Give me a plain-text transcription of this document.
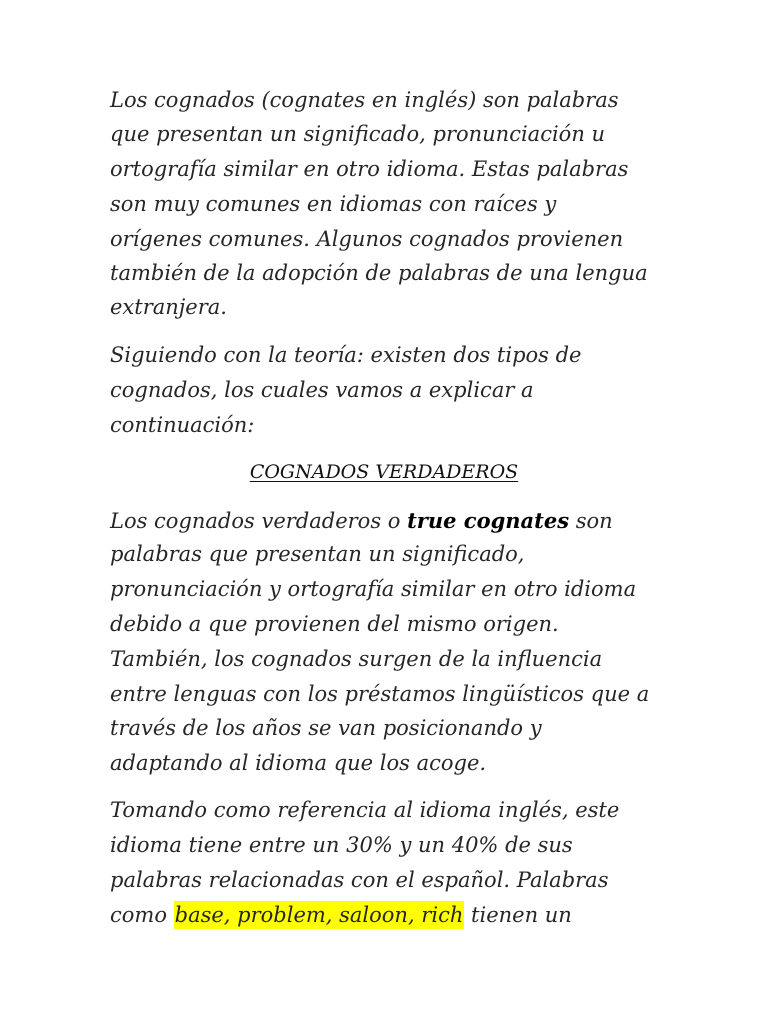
Los cognados (cognates en inglés) son palabras

que presentan un significado, pronunciación u

ortografía similar en otro idioma. Estas palabras

son muy comunes en idiomas con raíces y

orígenes comunes. Algunos cognados provienen

también de la adopción de palabras de una lengua

extranjera.

Siguiendo con la teoría: existen dos tipos de

cognados, los cuales vamos a explicar a

continuación:

COGNADOS VERDADEROS

Los cognados verdaderos o true cognates son

palabras que presentan un significado,

pronunciación y ortografía similar en otro idioma

debido a que provienen del mismo origen.

También, los cognados surgen de la influencia

entre lenguas con los préstamos lingüísticos que a

través de los años se van posicionando y

adaptando al idioma que los acoge.

Tomando como referencia al idioma inglés, este

idioma tiene entre un 30% y un 40% de sus

palabras relacionadas con el español. Palabras

como base, problem, saloon, rich tienen un
